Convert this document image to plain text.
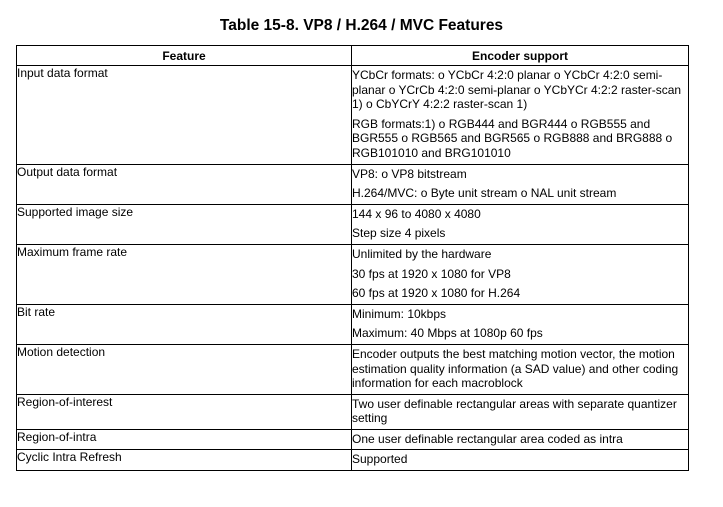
Table 15-8. VP8 / H.264 / MVC Features
Feature	Encoder support
Input data format	YCbCr formats: o YCbCr 4:2:0 planar o YCbCr 4:2:0 semi-planar o YCrCb 4:2:0 semi-planar o YCbYCr 4:2:2 raster-scan 1) o CbYCrY 4:2:2 raster-scan 1)
RGB formats:1) o RGB444 and BGR444 o RGB555 and BGR555 o RGB565 and BGR565 o RGB888 and BRG888 o RGB101010 and BRG101010

Output data format	VP8: o VP8 bitstream
H.264/MVC: o Byte unit stream o NAL unit stream

Supported image size	144 x 96 to 4080 x 4080
Step size 4 pixels

Maximum frame rate	Unlimited by the hardware
30 fps at 1920 x 1080 for VP8
60 fps at 1920 x 1080 for H.264

Bit rate	Minimum: 10kbps
Maximum: 40 Mbps at 1080p 60 fps

Motion detection	Encoder outputs the best matching motion vector, the motion estimation quality information (a SAD value) and other coding information for each macroblock

Region-of-interest	Two user definable rectangular areas with separate quantizer setting

Region-of-intra	One user definable rectangular area coded as intra

Cyclic Intra Refresh	Supported
